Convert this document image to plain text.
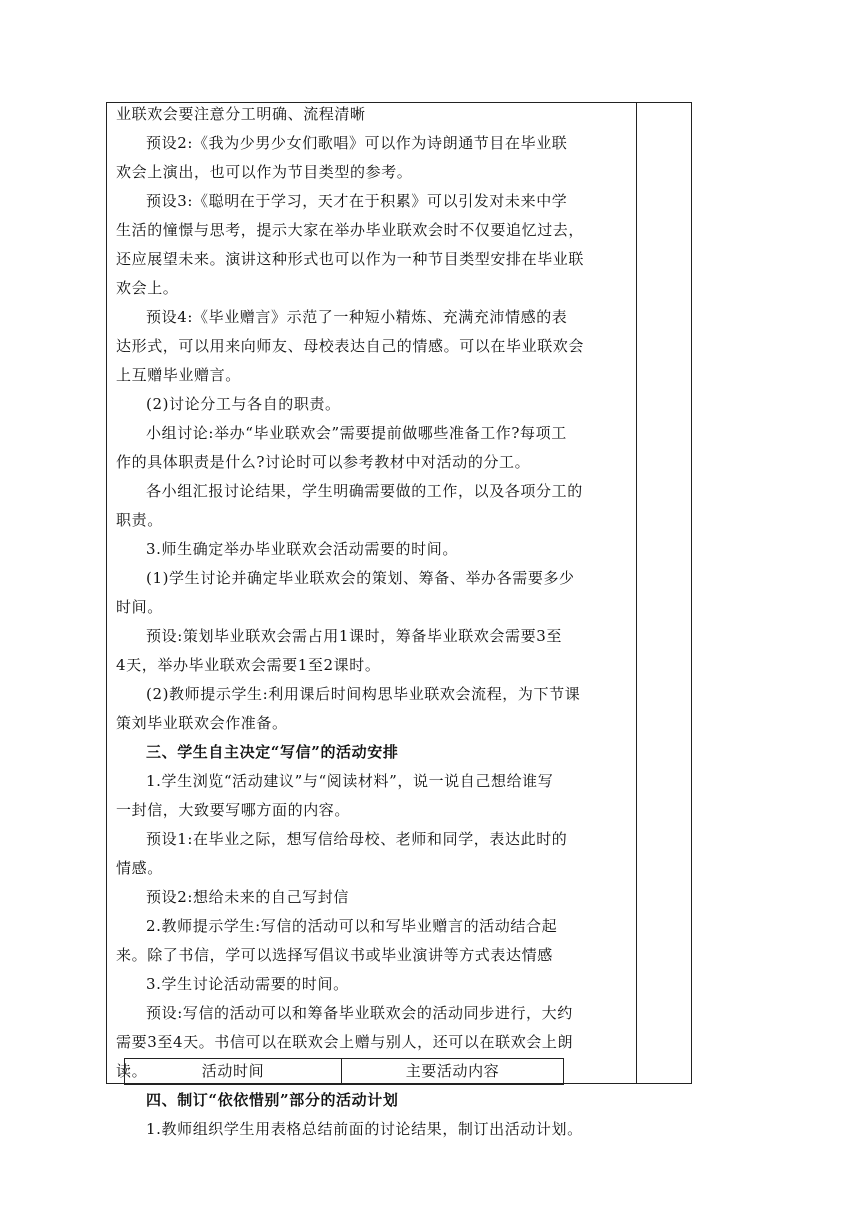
业联欢会要注意分工明确、流程清晰
预设2:《我为少男少女们歌唱》可以作为诗朗通节目在毕业联
欢会上演出，也可以作为节目类型的参考。
预设3:《聪明在于学习，天才在于积累》可以引发对未来中学
生活的憧憬与思考，提示大家在举办毕业联欢会时不仅要追忆过去，
还应展望未来。演讲这种形式也可以作为一种节目类型安排在毕业联
欢会上。
预设4:《毕业赠言》示范了一种短小精炼、充满充沛情感的表
达形式，可以用来向师友、母校表达自己的情感。可以在毕业联欢会
上互赠毕业赠言。
(2)讨论分工与各自的职责。
小组讨论:举办“毕业联欢会”需要提前做哪些准备工作?每项工
作的具体职责是什么?讨论时可以参考教材中对活动的分工。
各小组汇报讨论结果，学生明确需要做的工作，以及各项分工的
职责。
3.师生确定举办毕业联欢会活动需要的时间。
(1)学生讨论并确定毕业联欢会的策划、筹备、举办各需要多少
时间。
预设:策划毕业联欢会需占用1课时，筹备毕业联欢会需要3至
4天，举办毕业联欢会需要1至2课时。
(2)教师提示学生:利用课后时间构思毕业联欢会流程，为下节课
策刘毕业联欢会作准备。
三、学生自主决定“写信”的活动安排
1.学生浏览“活动建议”与“阅读材料”，说一说自己想给谁写
一封信，大致要写哪方面的内容。
预设1:在毕业之际，想写信给母校、老师和同学，表达此时的
情感。
预设2:想给未来的自己写封信
2.教师提示学生:写信的活动可以和写毕业赠言的活动结合起
来。除了书信，学可以选择写倡议书或毕业演讲等方式表达情感
3.学生讨论活动需要的时间。
预设:写信的活动可以和筹备毕业联欢会的活动同步进行，大约
需要3至4天。书信可以在联欢会上赠与别人，还可以在联欢会上朗
读。
四、制订“依依惜别”部分的活动计划
1.教师组织学生用表格总结前面的讨论结果，制订出活动计划。
活动时间	主要活动内容
